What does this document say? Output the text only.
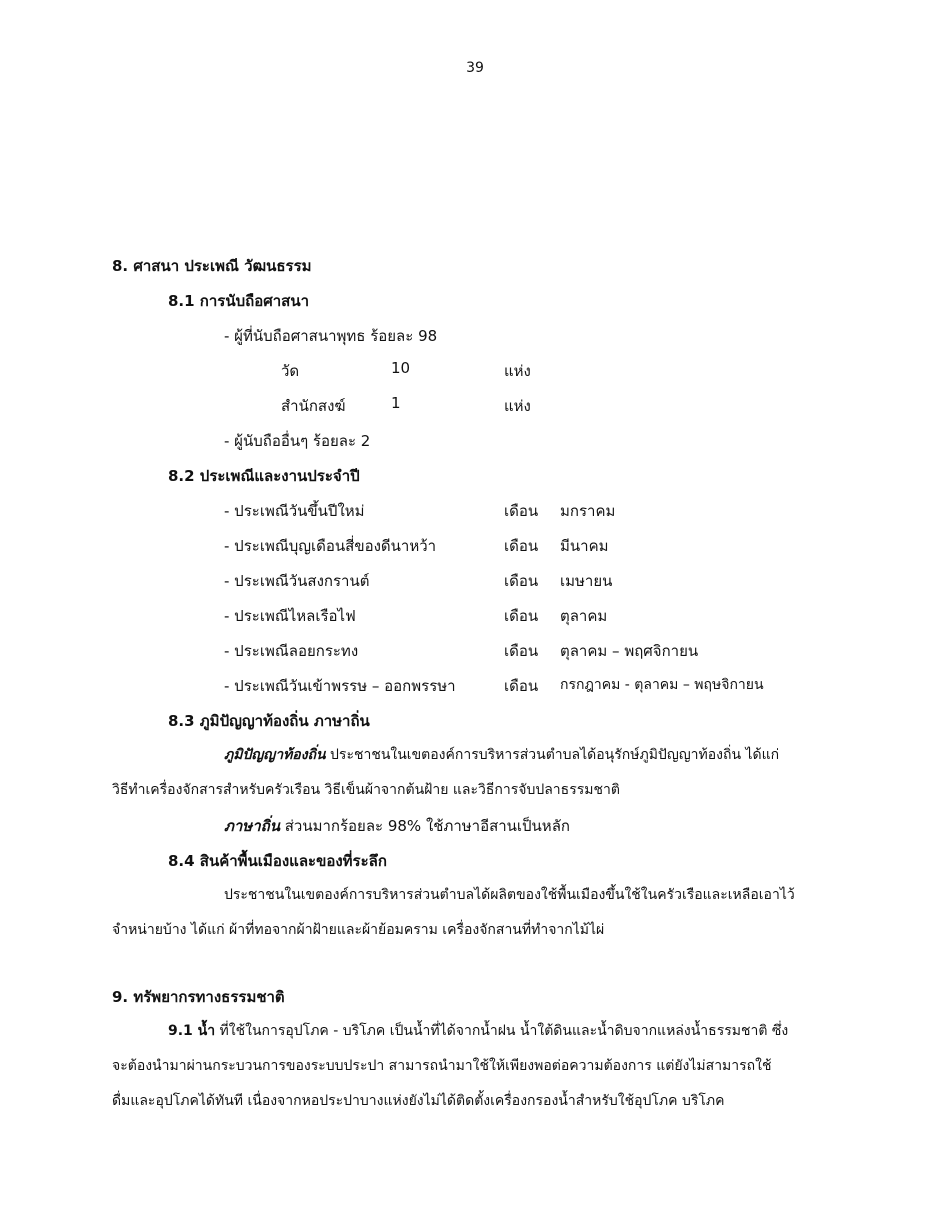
39
8. ศาสนา ประเพณี วัฒนธรรม
8.1 การนับถือศาสนา
- ผู้ที่นับถือศาสนาพุทธ ร้อยละ 98
วัด	10	แห่ง
สำนักสงฆ์	1	แห่ง
- ผู้นับถืออื่นๆ ร้อยละ 2
8.2 ประเพณีและงานประจำปี
- ประเพณีวันขึ้นปีใหม่	เดือน มกราคม
- ประเพณีบุญเดือนสี่ของดีนาหว้า	เดือน มีนาคม
- ประเพณีวันสงกรานต์	เดือน เมษายน
- ประเพณีไหลเรือไฟ	เดือน ตุลาคม
- ประเพณีลอยกระทง	เดือน ตุลาคม – พฤศจิกายน
- ประเพณีวันเข้าพรรษ – ออกพรรษา	เดือน กรกฎาคม - ตุลาคม – พฤษจิกายน
8.3 ภูมิปัญญาท้องถิ่น ภาษาถิ่น
ภูมิปัญญาท้องถิ่น ประชาชนในเขตองค์การบริหารส่วนตำบลได้อนุรักษ์ภูมิปัญญาท้องถิ่น ได้แก่
วิธีทำเครื่องจักสารสำหรับครัวเรือน วิธีเข็นผ้าจากต้นฝ้าย และวิธีการจับปลาธรรมชาติ
ภาษาถิ่น ส่วนมากร้อยละ 98% ใช้ภาษาอีสานเป็นหลัก
8.4 สินค้าพื้นเมืองและของที่ระลึก
ประชาชนในเขตองค์การบริหารส่วนตำบลได้ผลิตของใช้พื้นเมืองขึ้นใช้ในครัวเรือและเหลือเอาไว้
จำหน่ายบ้าง ได้แก่ ผ้าที่ทอจากผ้าฝ้ายและผ้าย้อมคราม เครื่องจักสานที่ทำจากไม้ไผ่
9. ทรัพยากรทางธรรมชาติ
9.1 น้ำ ที่ใช้ในการอุปโภค - บริโภค เป็นน้ำที่ได้จากน้ำฝน น้ำใต้ดินและน้ำดิบจากแหล่งน้ำธรรมชาติ ซึ่ง
จะต้องนำมาผ่านกระบวนการของระบบประปา สามารถนำมาใช้ให้เพียงพอต่อความต้องการ แต่ยังไม่สามารถใช้
ดื่มและอุปโภคได้ทันที เนื่องจากหอประปาบางแห่งยังไม่ได้ติดตั้งเครื่องกรองน้ำสำหรับใช้อุปโภค บริโภค
